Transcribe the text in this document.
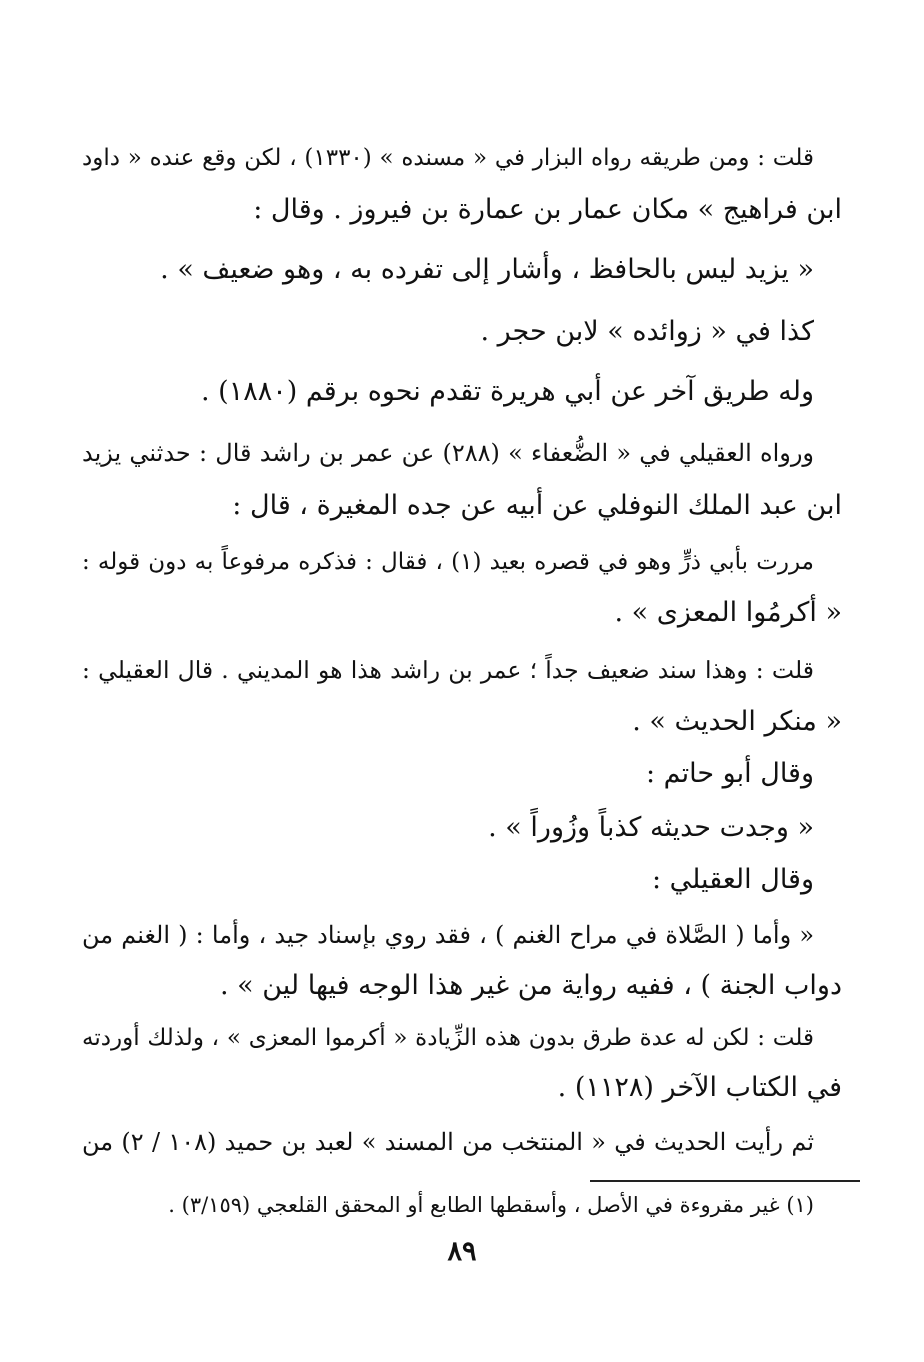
قلت : ومن طريقه رواه البزار في « مسنده » (١٣٣٠) ، لكن وقع عنده « داود
ابن فراهيج » مكان عمار بن عمارة بن فيروز . وقال :
« يزيد ليس بالحافظ ، وأشار إلى تفرده به ، وهو ضعيف » .
كذا في « زوائده » لابن حجر .
وله طريق آخر عن أبي هريرة تقدم نحوه برقم (١٨٨٠) .
ورواه العقيلي في « الضُّعفاء » (٢٨٨) عن عمر بن راشد قال : حدثني يزيد
ابن عبد الملك النوفلي عن أبيه عن جده المغيرة ، قال :
مررت بأبي ذرٍّ وهو في قصره بعيد (١) ، فقال : فذكره مرفوعاً به دون قوله :
« أكرمُوا المعزى » .
قلت : وهذا سند ضعيف جداً ؛ عمر بن راشد هذا هو المديني . قال العقيلي :
« منكر الحديث » .
وقال أبو حاتم :
« وجدت حديثه كذباً وزُوراً » .
وقال العقيلي :
« وأما ( الصَّلاة في مراح الغنم ) ، فقد روي بإسناد جيد ، وأما : ( الغنم من
دواب الجنة ) ، ففيه رواية من غير هذا الوجه فيها لين » .
قلت : لكن له عدة طرق بدون هذه الزِّيادة « أكرموا المعزى » ، ولذلك أوردته
في الكتاب الآخر (١١٢٨) .
ثم رأيت الحديث في « المنتخب من المسند » لعبد بن حميد (١٠٨ / ٢) من
(١) غير مقروءة في الأصل ، وأسقطها الطابع أو المحقق القلعجي (٣/١٥٩) .
٨٩
